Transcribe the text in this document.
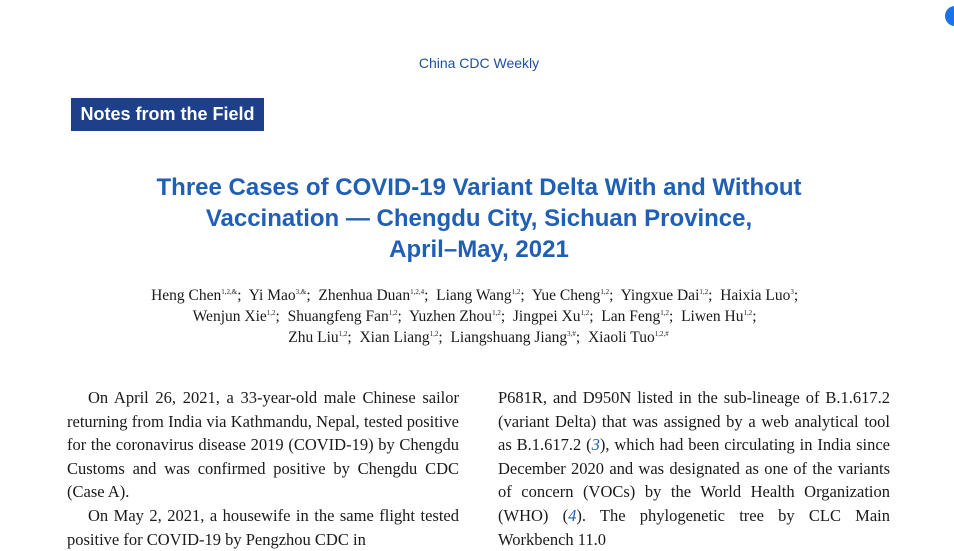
China CDC Weekly
Notes from the Field
Three Cases of COVID-19 Variant Delta With and Without
Vaccination — Chengdu City, Sichuan Province,
April–May, 2021
Heng Chen$^{1,2,\&}$;  Yi Mao$^{3,\&}$;  Zhenhua Duan$^{1,2,4}$;  Liang Wang$^{1,2}$;  Yue Cheng$^{1,2}$;  Yingxue Dai$^{1,2}$;  Haixia Luo$^3$;
Wenjun Xie$^{1,2}$;  Shuangfeng Fan$^{1,2}$;  Yuzhen Zhou$^{1,2}$;  Jingpei Xu$^{1,2}$;  Lan Feng$^{1,2}$;  Liwen Hu$^{1,2}$;
Zhu Liu$^{1,2}$;  Xian Liang$^{1,2}$;  Liangshuang Jiang$^{3,\#}$;  Xiaoli Tuo$^{1,2,\#}$

On April 26, 2021, a 33-year-old male Chinese sailor returning from India via Kathmandu, Nepal, tested positive for the coronavirus disease 2019 (COVID-19) by Chengdu Customs and was confirmed positive by Chengdu CDC (Case A).

On May 2, 2021, a housewife in the same flight tested positive for COVID-19 by Pengzhou CDC in

P681R, and D950N listed in the sub-lineage of B.1.617.2 (variant Delta) that was assigned by a web analytical tool as B.1.617.2 (3), which had been circulating in India since December 2020 and was designated as one of the variants of concern (VOCs) by the World Health Organization (WHO) (4). The phylogenetic tree by CLC Main Workbench 11.0
